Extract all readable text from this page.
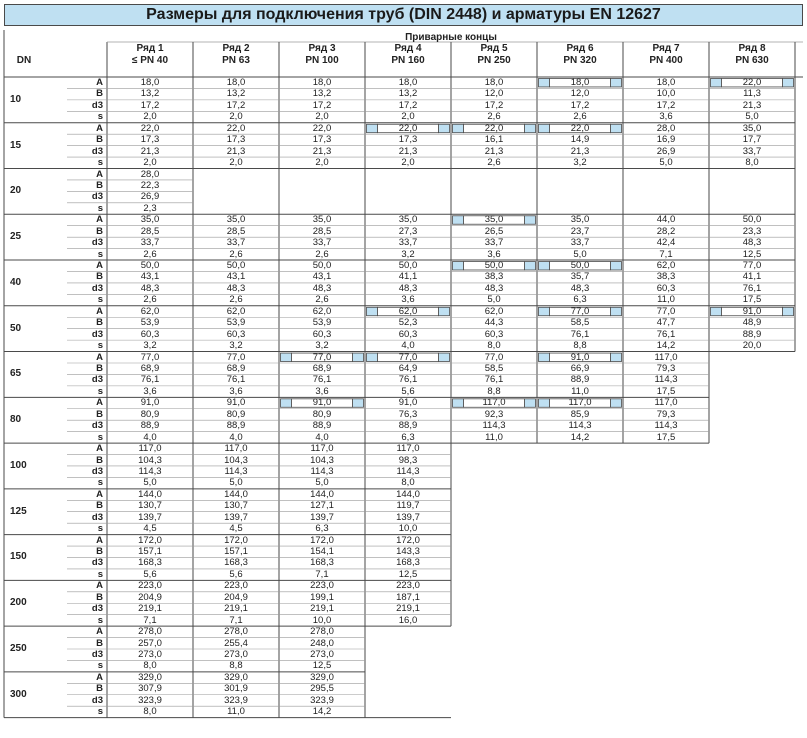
Размеры для подключения труб (DIN 2448) и арматуры EN 12627
Приварные концы
DN
Ряд 1
≤ PN 40
Ряд 2
PN 63
Ряд 3
PN 100
Ряд 4
PN 160
Ряд 5
PN 250
Ряд 6
PN 320
Ряд 7
PN 400
Ряд 8
PN 630
10
A
B
d3
s
18,0
13,2
17,2
2,0
18,0
13,2
17,2
2,0
18,0
13,2
17,2
2,0
18,0
13,2
17,2
2,0
18,0
12,0
17,2
2,6
18,0
12,0
17,2
2,6
18,0
10,0
17,2
3,6
22,0
11,3
21,3
5,0
15
A
B
d3
s
22,0
17,3
21,3
2,0
22,0
17,3
21,3
2,0
22,0
17,3
21,3
2,0
22,0
17,3
21,3
2,0
22,0
16,1
21,3
2,6
22,0
14,9
21,3
3,2
28,0
16,9
26,9
5,0
35,0
17,7
33,7
8,0
20
A
B
d3
s
28,0
22,3
26,9
2,3
25
A
B
d3
s
35,0
28,5
33,7
2,6
35,0
28,5
33,7
2,6
35,0
28,5
33,7
2,6
35,0
27,3
33,7
3,2
35,0
26,5
33,7
3,6
35,0
23,7
33,7
5,0
44,0
28,2
42,4
7,1
50,0
23,3
48,3
12,5
40
A
B
d3
s
50,0
43,1
48,3
2,6
50,0
43,1
48,3
2,6
50,0
43,1
48,3
2,6
50,0
41,1
48,3
3,6
50,0
38,3
48,3
5,0
50,0
35,7
48,3
6,3
62,0
38,3
60,3
11,0
77,0
41,1
76,1
17,5
50
A
B
d3
s
62,0
53,9
60,3
3,2
62,0
53,9
60,3
3,2
62,0
53,9
60,3
3,2
62,0
52,3
60,3
4,0
62,0
44,3
60,3
8,0
77,0
58,5
76,1
8,8
77,0
47,7
76,1
14,2
91,0
48,9
88,9
20,0
65
A
B
d3
s
77,0
68,9
76,1
3,6
77,0
68,9
76,1
3,6
77,0
68,9
76,1
3,6
77,0
64,9
76,1
5,6
77,0
58,5
76,1
8,8
91,0
66,9
88,9
11,0
117,0
79,3
114,3
17,5
80
A
B
d3
s
91,0
80,9
88,9
4,0
91,0
80,9
88,9
4,0
91,0
80,9
88,9
4,0
91,0
76,3
88,9
6,3
117,0
92,3
114,3
11,0
117,0
85,9
114,3
14,2
117,0
79,3
114,3
17,5
100
A
B
d3
s
117,0
104,3
114,3
5,0
117,0
104,3
114,3
5,0
117,0
104,3
114,3
5,0
117,0
98,3
114,3
8,0
125
A
B
d3
s
144,0
130,7
139,7
4,5
144,0
130,7
139,7
4,5
144,0
127,1
139,7
6,3
144,0
119,7
139,7
10,0
150
A
B
d3
s
172,0
157,1
168,3
5,6
172,0
157,1
168,3
5,6
172,0
154,1
168,3
7,1
172,0
143,3
168,3
12,5
200
A
B
d3
s
223,0
204,9
219,1
7,1
223,0
204,9
219,1
7,1
223,0
199,1
219,1
10,0
223,0
187,1
219,1
16,0
250
A
B
d3
s
278,0
257,0
273,0
8,0
278,0
255,4
273,0
8,8
278,0
248,0
273,0
12,5
300
A
B
d3
s
329,0
307,9
323,9
8,0
329,0
301,9
323,9
11,0
329,0
295,5
323,9
14,2
